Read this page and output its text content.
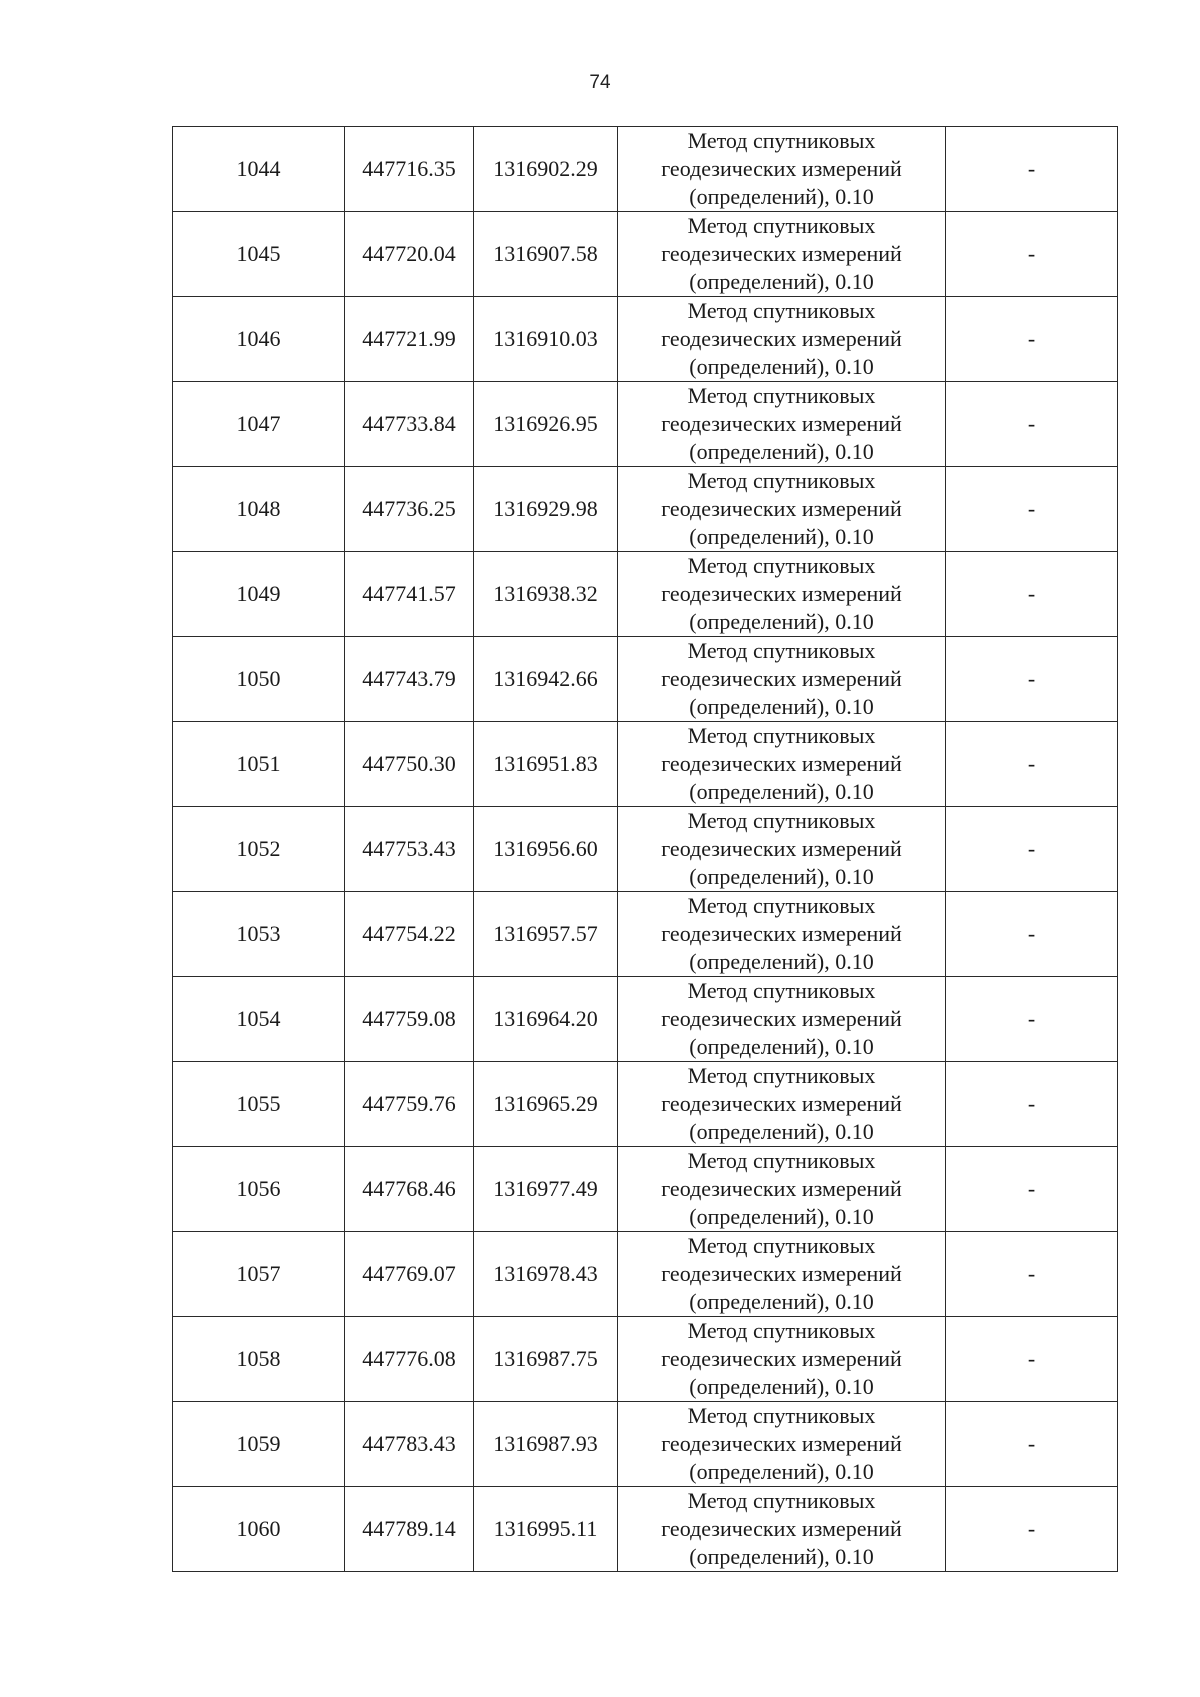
74
1044	447716.35	1316902.29	Метод спутниковых
геодезических измерений
(определений), 0.10	-
1045	447720.04	1316907.58	Метод спутниковых
геодезических измерений
(определений), 0.10	-
1046	447721.99	1316910.03	Метод спутниковых
геодезических измерений
(определений), 0.10	-
1047	447733.84	1316926.95	Метод спутниковых
геодезических измерений
(определений), 0.10	-
1048	447736.25	1316929.98	Метод спутниковых
геодезических измерений
(определений), 0.10	-
1049	447741.57	1316938.32	Метод спутниковых
геодезических измерений
(определений), 0.10	-
1050	447743.79	1316942.66	Метод спутниковых
геодезических измерений
(определений), 0.10	-
1051	447750.30	1316951.83	Метод спутниковых
геодезических измерений
(определений), 0.10	-
1052	447753.43	1316956.60	Метод спутниковых
геодезических измерений
(определений), 0.10	-
1053	447754.22	1316957.57	Метод спутниковых
геодезических измерений
(определений), 0.10	-
1054	447759.08	1316964.20	Метод спутниковых
геодезических измерений
(определений), 0.10	-
1055	447759.76	1316965.29	Метод спутниковых
геодезических измерений
(определений), 0.10	-
1056	447768.46	1316977.49	Метод спутниковых
геодезических измерений
(определений), 0.10	-
1057	447769.07	1316978.43	Метод спутниковых
геодезических измерений
(определений), 0.10	-
1058	447776.08	1316987.75	Метод спутниковых
геодезических измерений
(определений), 0.10	-
1059	447783.43	1316987.93	Метод спутниковых
геодезических измерений
(определений), 0.10	-
1060	447789.14	1316995.11	Метод спутниковых
геодезических измерений
(определений), 0.10	-
